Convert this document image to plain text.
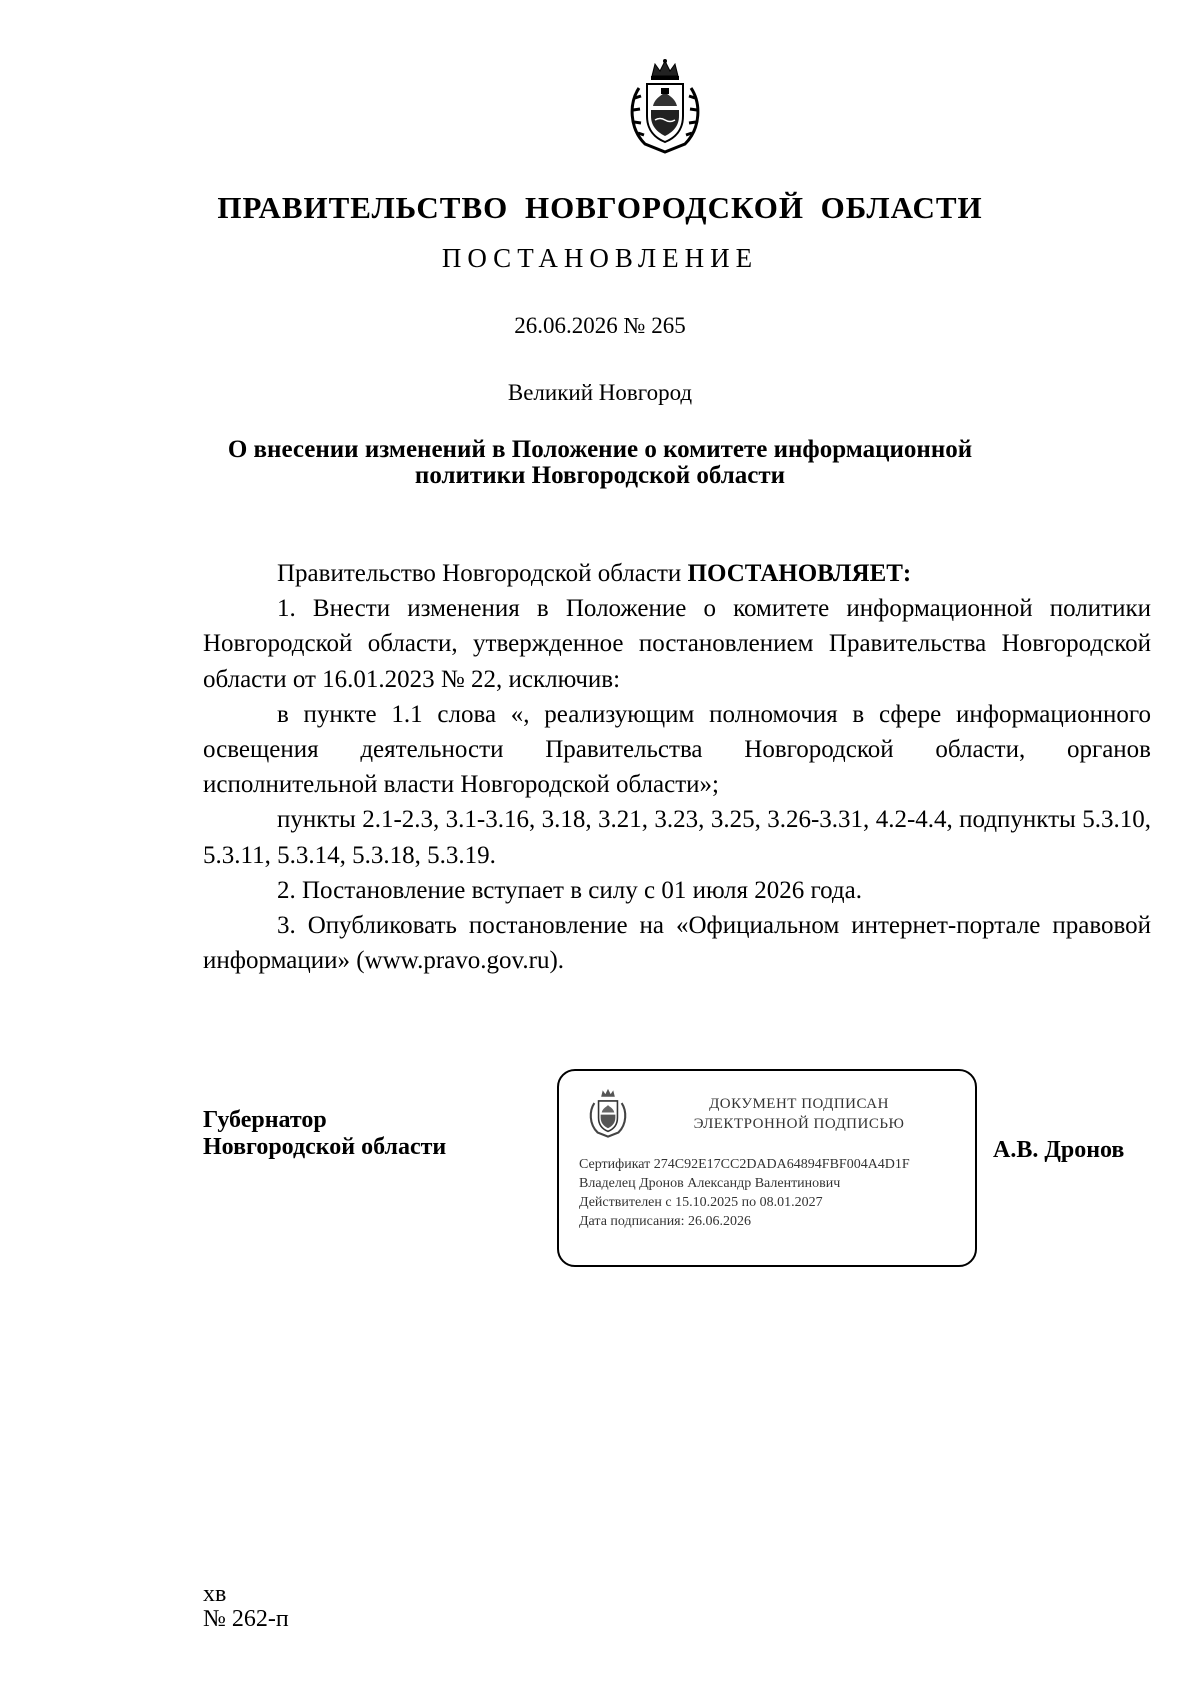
ПРАВИТЕЛЬСТВО НОВГОРОДСКОЙ ОБЛАСТИ
ПОСТАНОВЛЕНИЕ
26.06.2026 № 265
Великий Новгород
О внесении изменений в Положение о комитете информационной
политики Новгородской области

Правительство Новгородской области ПОСТАНОВЛЯЕТ:

1. Внести изменения в Положение о комитете информационной политики Новгородской области, утвержденное постановлением Правительства Новгородской области от 16.01.2023 № 22, исключив:

в пункте 1.1 слова «, реализующим полномочия в сфере информационного освещения деятельности Правительства Новгородской области, органов исполнительной власти Новгородской области»;

пункты 2.1-2.3, 3.1-3.16, 3.18, 3.21, 3.23, 3.25, 3.26-3.31, 4.2-4.4, подпункты 5.3.10, 5.3.11, 5.3.14, 5.3.18, 5.3.19.

2. Постановление вступает в силу с 01 июля 2026 года.

3. Опубликовать постановление на «Официальном интернет-портале правовой информации» (www.pravo.gov.ru).

Губернатор
Новгородской области
ДОКУМЕНТ ПОДПИСАН
ЭЛЕКТРОННОЙ ПОДПИСЬЮ
Сертификат 274C92E17CC2DADA64894FBF004A4D1F
Владелец Дронов Александр Валентинович
Действителен с 15.10.2025 по 08.01.2027
Дата подписания: 26.06.2026
А.В. Дронов
хв
№ 262-п
